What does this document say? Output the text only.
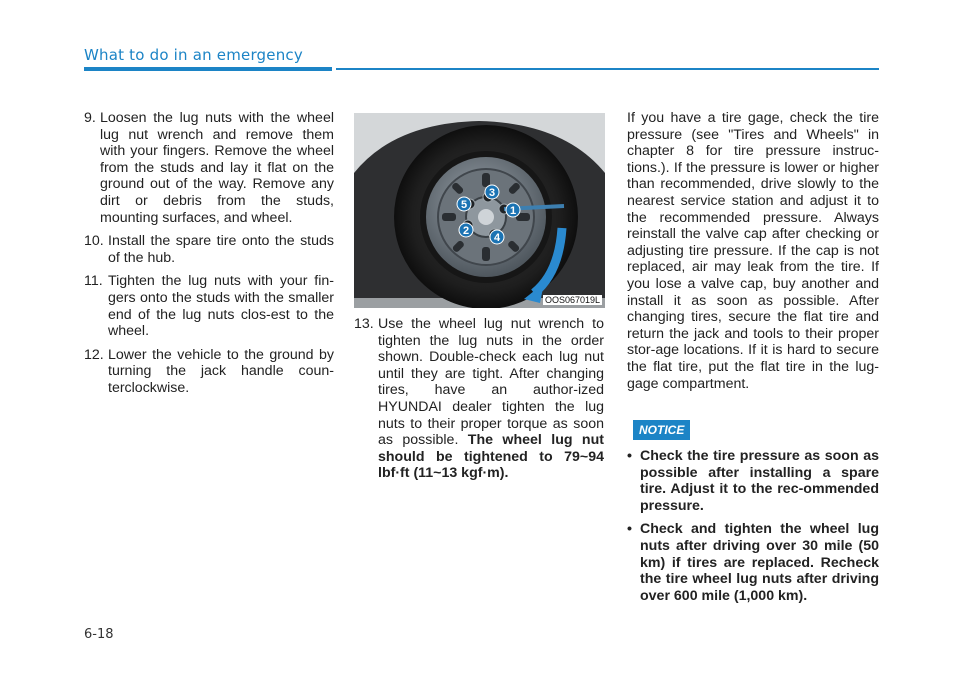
What to do in an emergency
9. Loosen the lug nuts with the wheel lug nut wrench and remove them with your fingers. Remove the wheel from the studs and lay it flat on the ground out of the way. Remove any dirt or debris from the studs, mounting surfaces, and wheel.

10. Install the spare tire onto the studs of the hub.

11. Tighten the lug nuts with your fin-gers onto the studs with the smaller end of the lug nuts clos-est to the wheel.

12. Lower the vehicle to the ground by turning the jack handle coun-terclockwise.

1
2
3
4
5
OOS067019L
13. Use the wheel lug nut wrench to tighten the lug nuts in the order shown. Double-check each lug nut until they are tight. After changing tires, have an author-ized HYUNDAI dealer tighten the lug nuts to their proper torque as soon as possible. The wheel lug nut should be tightened to 79~94 lbf·ft (11~13 kgf·m).

If you have a tire gage, check the tire pressure (see "Tires and Wheels" in chapter 8 for tire pressure instruc-tions.). If the pressure is lower or higher than recommended, drive slowly to the nearest service station and adjust it to the recommended pressure. Always reinstall the valve cap after checking or adjusting tire pressure. If the cap is not replaced, air may leak from the tire. If you lose a valve cap, buy another and install it as soon as possible. After changing tires, secure the flat tire and return the jack and tools to their proper stor-age locations. If it is hard to secure the flat tire, put the flat tire in the lug-gage compartment.

NOTICE
• Check the tire pressure as soon as possible after installing a spare tire. Adjust it to the rec-ommended pressure.

• Check and tighten the wheel lug nuts after driving over 30 mile (50 km) if tires are replaced. Recheck the tire wheel lug nuts after driving over 600 mile (1,000 km).

6-18
